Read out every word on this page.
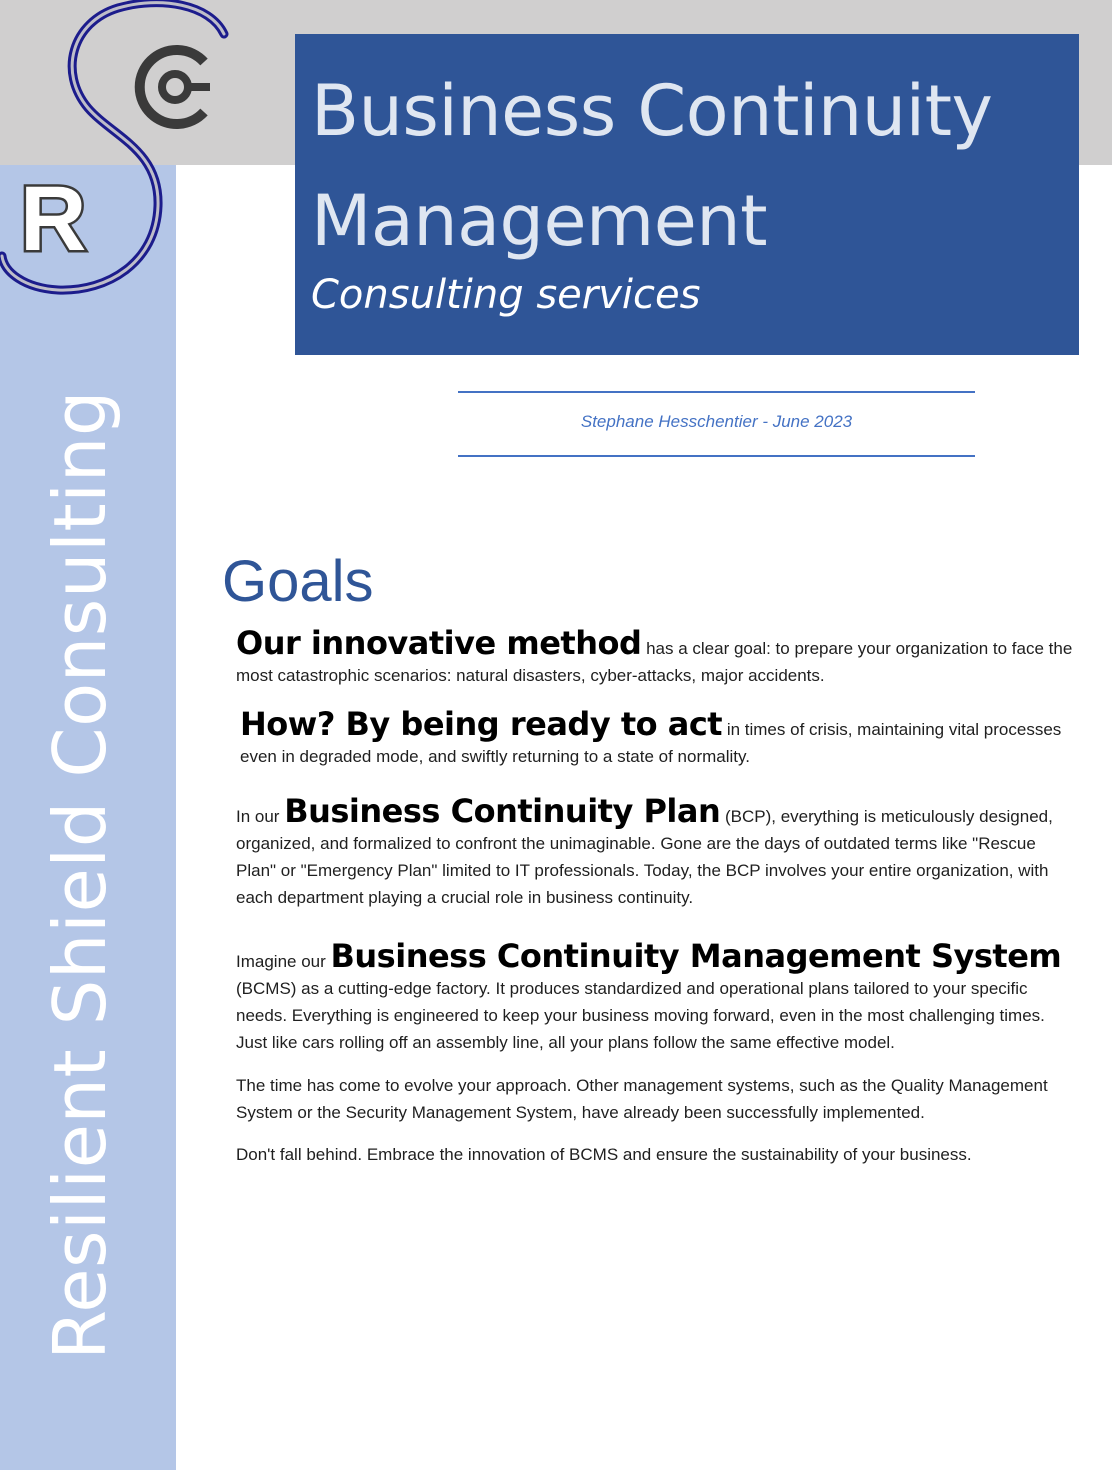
Resilient Shield Consulting
R
Business Continuity
Management
Consulting services
Stephane Hesschentier - June 2023
Goals

Our innovative method has a clear goal: to prepare your organization to face the most catastrophic scenarios: natural disasters, cyber-attacks, major accidents.

How? By being ready to act in times of crisis, maintaining vital processes even in degraded mode, and swiftly returning to a state of normality.

In our Business Continuity Plan (BCP), everything is meticulously designed, organized, and formalized to confront the unimaginable. Gone are the days of outdated terms like "Rescue Plan" or "Emergency Plan" limited to IT professionals. Today, the BCP involves your entire organization, with each department playing a crucial role in business continuity.

Imagine our Business Continuity Management System (BCMS) as a cutting-edge factory. It produces standardized and operational plans tailored to your specific needs. Everything is engineered to keep your business moving forward, even in the most challenging times. Just like cars rolling off an assembly line, all your plans follow the same effective model.

The time has come to evolve your approach. Other management systems, such as the Quality Management System or the Security Management System, have already been successfully implemented.

Don't fall behind. Embrace the innovation of BCMS and ensure the sustainability of your business.
